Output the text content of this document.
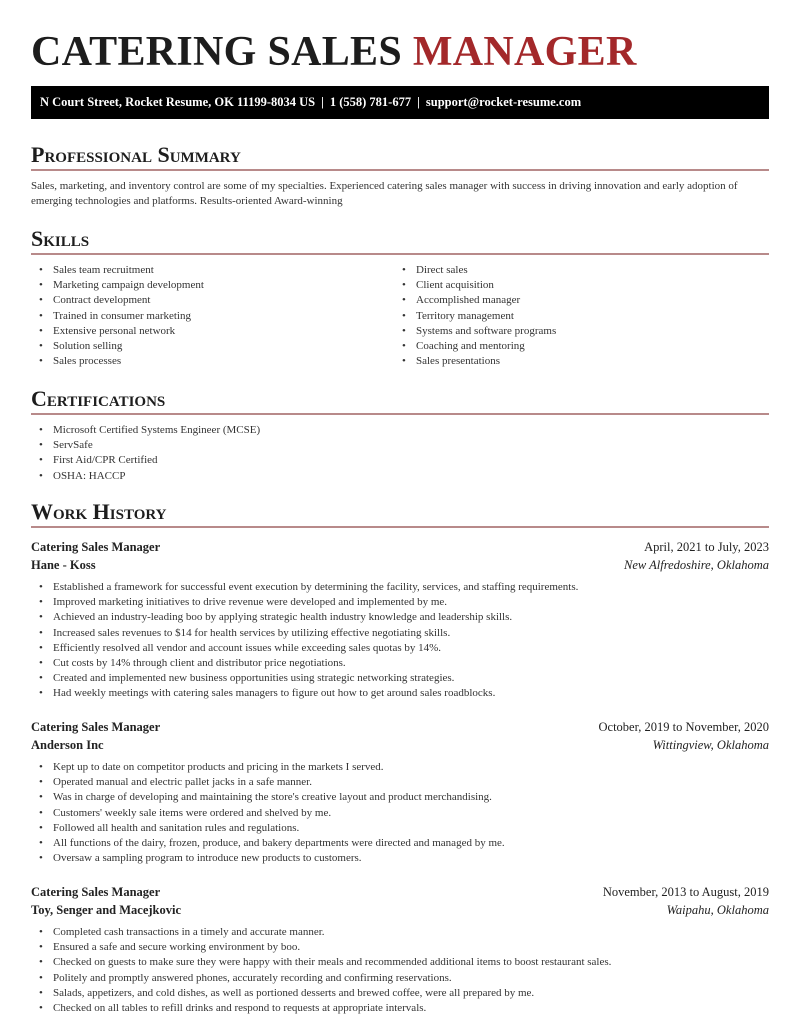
CATERING SALES MANAGER
N Court Street, Rocket Resume, OK 11199-8034 US | 1 (558) 781-677 | support@rocket-resume.com
Professional Summary

Sales, marketing, and inventory control are some of my specialties. Experienced catering sales manager with success in driving innovation and early adoption of emerging technologies and platforms. Results-oriented Award-winning

Skills
• Sales team recruitment
• Marketing campaign development
• Contract development
• Trained in consumer marketing
• Extensive personal network
• Solution selling
• Sales processes
• Direct sales
• Client acquisition
• Accomplished manager
• Territory management
• Systems and software programs
• Coaching and mentoring
• Sales presentations
Certifications
• Microsoft Certified Systems Engineer (MCSE)
• ServSafe
• First Aid/CPR Certified
• OSHA: HACCP
Work History
Catering Sales Manager	April, 2021 to July, 2023
Hane - Koss	New Alfredoshire, Oklahoma
• Established a framework for successful event execution by determining the facility, services, and staffing requirements.
• Improved marketing initiatives to drive revenue were developed and implemented by me.
• Achieved an industry-leading boo by applying strategic health industry knowledge and leadership skills.
• Increased sales revenues to $14 for health services by utilizing effective negotiating skills.
• Efficiently resolved all vendor and account issues while exceeding sales quotas by 14%.
• Cut costs by 14% through client and distributor price negotiations.
• Created and implemented new business opportunities using strategic networking strategies.
• Had weekly meetings with catering sales managers to figure out how to get around sales roadblocks.
Catering Sales Manager	October, 2019 to November, 2020
Anderson Inc	Wittingview, Oklahoma
• Kept up to date on competitor products and pricing in the markets I served.
• Operated manual and electric pallet jacks in a safe manner.
• Was in charge of developing and maintaining the store's creative layout and product merchandising.
• Customers' weekly sale items were ordered and shelved by me.
• Followed all health and sanitation rules and regulations.
• All functions of the dairy, frozen, produce, and bakery departments were directed and managed by me.
• Oversaw a sampling program to introduce new products to customers.
Catering Sales Manager	November, 2013 to August, 2019
Toy, Senger and Macejkovic	Waipahu, Oklahoma
• Completed cash transactions in a timely and accurate manner.
• Ensured a safe and secure working environment by boo.
• Checked on guests to make sure they were happy with their meals and recommended additional items to boost restaurant sales.
• Politely and promptly answered phones, accurately recording and confirming reservations.
• Salads, appetizers, and cold dishes, as well as portioned desserts and brewed coffee, were all prepared by me.
• Checked on all tables to refill drinks and respond to requests at appropriate intervals.
